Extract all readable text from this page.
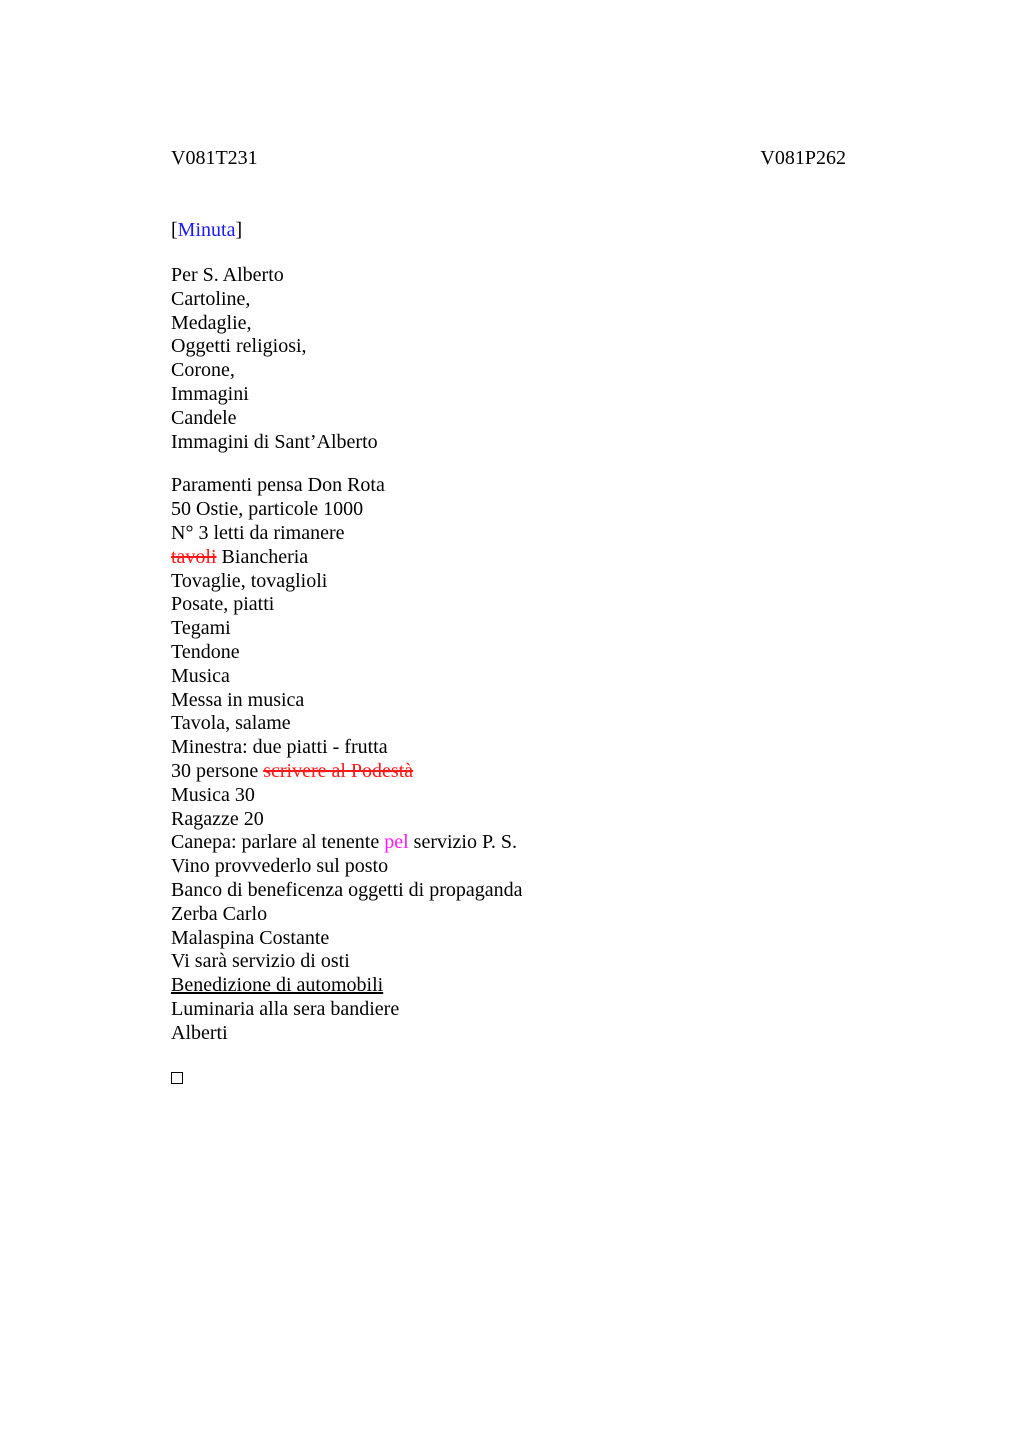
V081T231	V081P262
[Minuta]
Per S. Alberto
Cartoline,
Medaglie,
Oggetti religiosi,
Corone,
Immagini
Candele
Immagini di Sant’Alberto
Paramenti pensa Don Rota
50 Ostie, particole 1000
N° 3 letti da rimanere
tavoli Biancheria
Tovaglie, tovaglioli
Posate, piatti
Tegami
Tendone
Musica
Messa in musica
Tavola, salame
Minestra: due piatti - frutta
30 persone scrivere al Podestà
Musica 30
Ragazze 20
Canepa: parlare al tenente pel servizio P. S.
Vino provvederlo sul posto
Banco di beneficenza oggetti di propaganda
Zerba Carlo
Malaspina Costante
Vi sarà servizio di osti
Benedizione di automobili
Luminaria alla sera bandiere
Alberti
